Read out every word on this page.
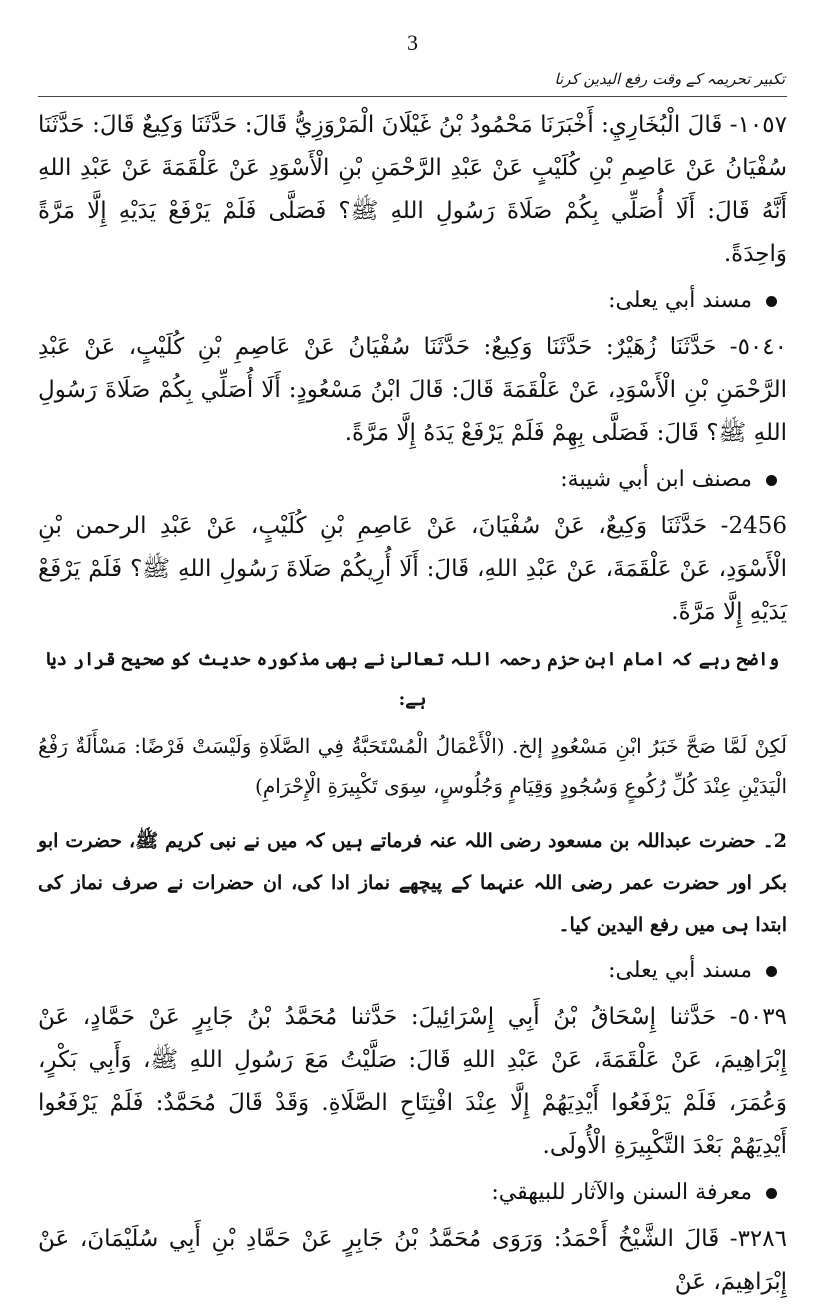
3
تکبیر تحریمہ کے وقت رفع الیدین کرنا

١٠٥٧- قَالَ الْبُخَارِيِ: أَخْبَرَنَا مَحْمُودُ بْنُ غَيْلَانَ الْمَرْوَزِيُّ قَالَ: حَدَّثَنَا وَكِيعٌ قَالَ: حَدَّثَنَا سُفْيَانُ عَنْ عَاصِمِ بْنِ كُلَيْبٍ عَنْ عَبْدِ الرَّحْمَنِ بْنِ الْأَسْوَدِ عَنْ عَلْقَمَةَ عَنْ عَبْدِ اللهِ أَنَّهُ قَالَ: أَلَا أُصَلِّي بِكُمْ صَلَاةَ رَسُولِ اللهِ ﷺ؟ فَصَلَّى فَلَمْ يَرْفَعْ يَدَيْهِ إِلَّا مَرَّةً وَاحِدَةً.

مسند أبي يعلى:

٥٠٤٠- حَدَّثَنَا زُهَيْرٌ: حَدَّثَنَا وَكِيعٌ: حَدَّثَنَا سُفْيَانُ عَنْ عَاصِمِ بْنِ كُلَيْبٍ، عَنْ عَبْدِ الرَّحْمَنِ بْنِ الْأَسْوَدِ، عَنْ عَلْقَمَةَ قَالَ: قَالَ ابْنُ مَسْعُودٍ: أَلَا أُصَلِّي بِكُمْ صَلَاةَ رَسُولِ اللهِ ﷺ؟ قَالَ: فَصَلَّى بِهِمْ فَلَمْ يَرْفَعْ يَدَهُ إِلَّا مَرَّةً.

مصنف ابن أبي شيبة:

2456- حَدَّثَنَا وَكِيعٌ، عَنْ سُفْيَانَ، عَنْ عَاصِمِ بْنِ كُلَيْبٍ، عَنْ عَبْدِ الرحمن بْنِ الْأَسْوَدِ، عَنْ عَلْقَمَةَ، عَنْ عَبْدِ اللهِ، قَالَ: أَلَا أُرِيكُمْ صَلَاةَ رَسُولِ اللهِ ﷺ؟ فَلَمْ يَرْفَعْ يَدَيْهِ إِلَّا مَرَّةً.

واضح رہے کہ امام ابن حزم رحمہ اللہ تعالیٰ نے بھی مذکورہ حدیث کو صحیح قرار دیا ہے:

لَكِنْ لَمَّا صَحَّ خَبَرُ ابْنِ مَسْعُودٍ إلخ. (الْأَعْمَالُ الْمُسْتَحَبَّةُ فِي الصَّلَاةِ وَلَيْسَتْ فَرْضًا: مَسْأَلَةٌ رَفْعُ الْيَدَيْنِ عِنْدَ كُلِّ رُكُوعٍ وَسُجُودٍ وَقِيَامٍ وَجُلُوسٍ، سِوَى تَكْبِيرَةِ الْإِحْرَامِ)

2۔ حضرت عبداللہ بن مسعود رضی اللہ عنہ فرماتے ہیں کہ میں نے نبی کریم ﷺ، حضرت ابو بکر اور حضرت عمر رضی اللہ عنہما کے پیچھے نماز ادا کی، ان حضرات نے صرف نماز کی ابتدا ہی میں رفع الیدین کیا۔

مسند أبي يعلى:

٥٠٣٩- حَدَّثنا إِسْحَاقُ بْنُ أَبِي إِسْرَائِيلَ: حَدَّثنا مُحَمَّدُ بْنُ جَابِرٍ عَنْ حَمَّادٍ، عَنْ إِبْرَاهِيمَ، عَنْ عَلْقَمَةَ، عَنْ عَبْدِ اللهِ قَالَ: صَلَّيْتُ مَعَ رَسُولِ اللهِ ﷺ، وَأَبِي بَكْرٍ، وَعُمَرَ، فَلَمْ يَرْفَعُوا أَيْدِيَهُمْ إِلَّا عِنْدَ افْتِتَاحِ الصَّلَاةِ. وَقَدْ قَالَ مُحَمَّدٌ: فَلَمْ يَرْفَعُوا أَيْدِيَهُمْ بَعْدَ التَّكْبِيرَةِ الْأُولَى.

معرفة السنن والآثار للبيهقي:

٣٢٨٦- قَالَ الشَّيْخُ أَحْمَدُ: وَرَوَى مُحَمَّدُ بْنُ جَابِرٍ عَنْ حَمَّادِ بْنِ أَبِي سُلَيْمَانَ، عَنْ إِبْرَاهِيمَ، عَنْ
